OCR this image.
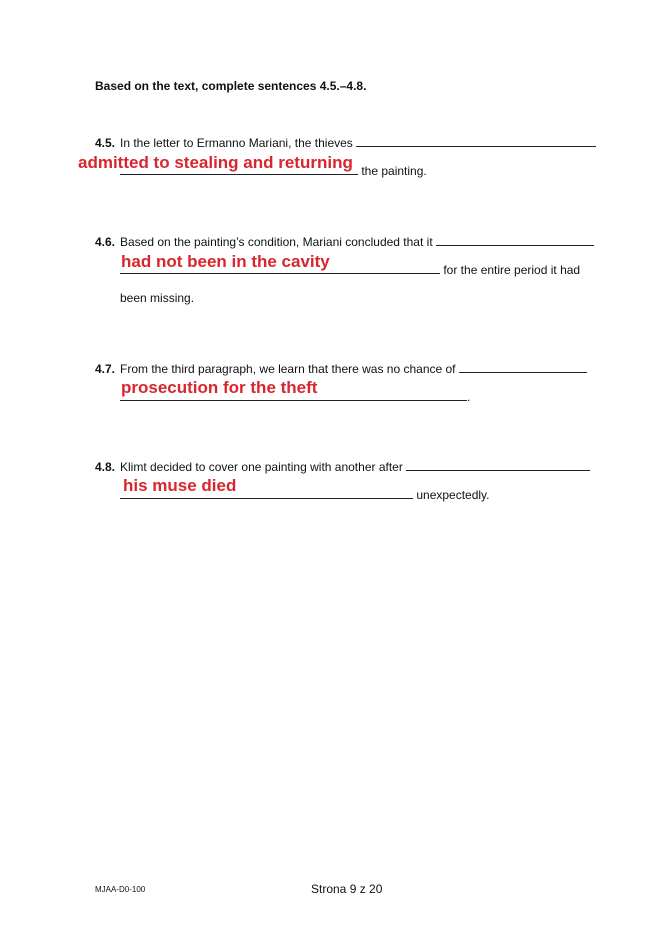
Based on the text, complete sentences 4.5.–4.8.
4.5. In the letter to Ermanno Mariani, the thieves
admitted to stealing and returning the painting.
4.6. Based on the painting’s condition, Mariani concluded that it
had not been in the cavity	for the entire period it had
been missing.
4.7. From the third paragraph, we learn that there was no chance of
prosecution for the theft	.
4.8. Klimt decided to cover one painting with another after
his muse died	unexpectedly.
MJAA-D0-100	Strona 9 z 20
